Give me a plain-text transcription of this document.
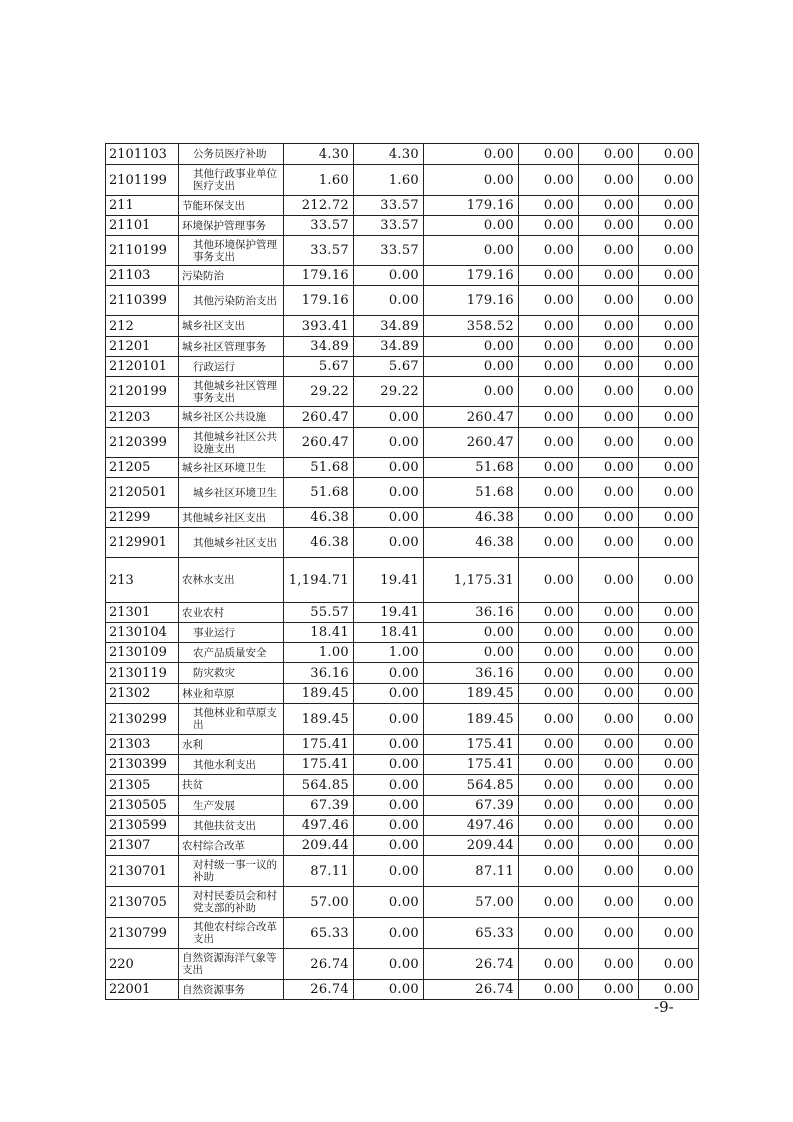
2101103	公务员医疗补助	4.30	4.30	0.00	0.00	0.00	0.00
2101199	其他行政事业单位医疗支出	1.60	1.60	0.00	0.00	0.00	0.00
211	节能环保支出	212.72	33.57	179.16	0.00	0.00	0.00
21101	环境保护管理事务	33.57	33.57	0.00	0.00	0.00	0.00
2110199	其他环境保护管理事务支出	33.57	33.57	0.00	0.00	0.00	0.00
21103	污染防治	179.16	0.00	179.16	0.00	0.00	0.00
2110399	其他污染防治支出	179.16	0.00	179.16	0.00	0.00	0.00
212	城乡社区支出	393.41	34.89	358.52	0.00	0.00	0.00
21201	城乡社区管理事务	34.89	34.89	0.00	0.00	0.00	0.00
2120101	行政运行	5.67	5.67	0.00	0.00	0.00	0.00
2120199	其他城乡社区管理事务支出	29.22	29.22	0.00	0.00	0.00	0.00
21203	城乡社区公共设施	260.47	0.00	260.47	0.00	0.00	0.00
2120399	其他城乡社区公共设施支出	260.47	0.00	260.47	0.00	0.00	0.00
21205	城乡社区环境卫生	51.68	0.00	51.68	0.00	0.00	0.00
2120501	城乡社区环境卫生	51.68	0.00	51.68	0.00	0.00	0.00
21299	其他城乡社区支出	46.38	0.00	46.38	0.00	0.00	0.00
2129901	其他城乡社区支出	46.38	0.00	46.38	0.00	0.00	0.00
213	农林水支出	1,194.71	19.41	1,175.31	0.00	0.00	0.00
21301	农业农村	55.57	19.41	36.16	0.00	0.00	0.00
2130104	事业运行	18.41	18.41	0.00	0.00	0.00	0.00
2130109	农产品质量安全	1.00	1.00	0.00	0.00	0.00	0.00
2130119	防灾救灾	36.16	0.00	36.16	0.00	0.00	0.00
21302	林业和草原	189.45	0.00	189.45	0.00	0.00	0.00
2130299	其他林业和草原支出	189.45	0.00	189.45	0.00	0.00	0.00
21303	水利	175.41	0.00	175.41	0.00	0.00	0.00
2130399	其他水利支出	175.41	0.00	175.41	0.00	0.00	0.00
21305	扶贫	564.85	0.00	564.85	0.00	0.00	0.00
2130505	生产发展	67.39	0.00	67.39	0.00	0.00	0.00
2130599	其他扶贫支出	497.46	0.00	497.46	0.00	0.00	0.00
21307	农村综合改革	209.44	0.00	209.44	0.00	0.00	0.00
2130701	对村级一事一议的补助	87.11	0.00	87.11	0.00	0.00	0.00
2130705	对村民委员会和村党支部的补助	57.00	0.00	57.00	0.00	0.00	0.00
2130799	其他农村综合改革支出	65.33	0.00	65.33	0.00	0.00	0.00
220	自然资源海洋气象等支出	26.74	0.00	26.74	0.00	0.00	0.00
22001	自然资源事务	26.74	0.00	26.74	0.00	0.00	0.00
-9-
